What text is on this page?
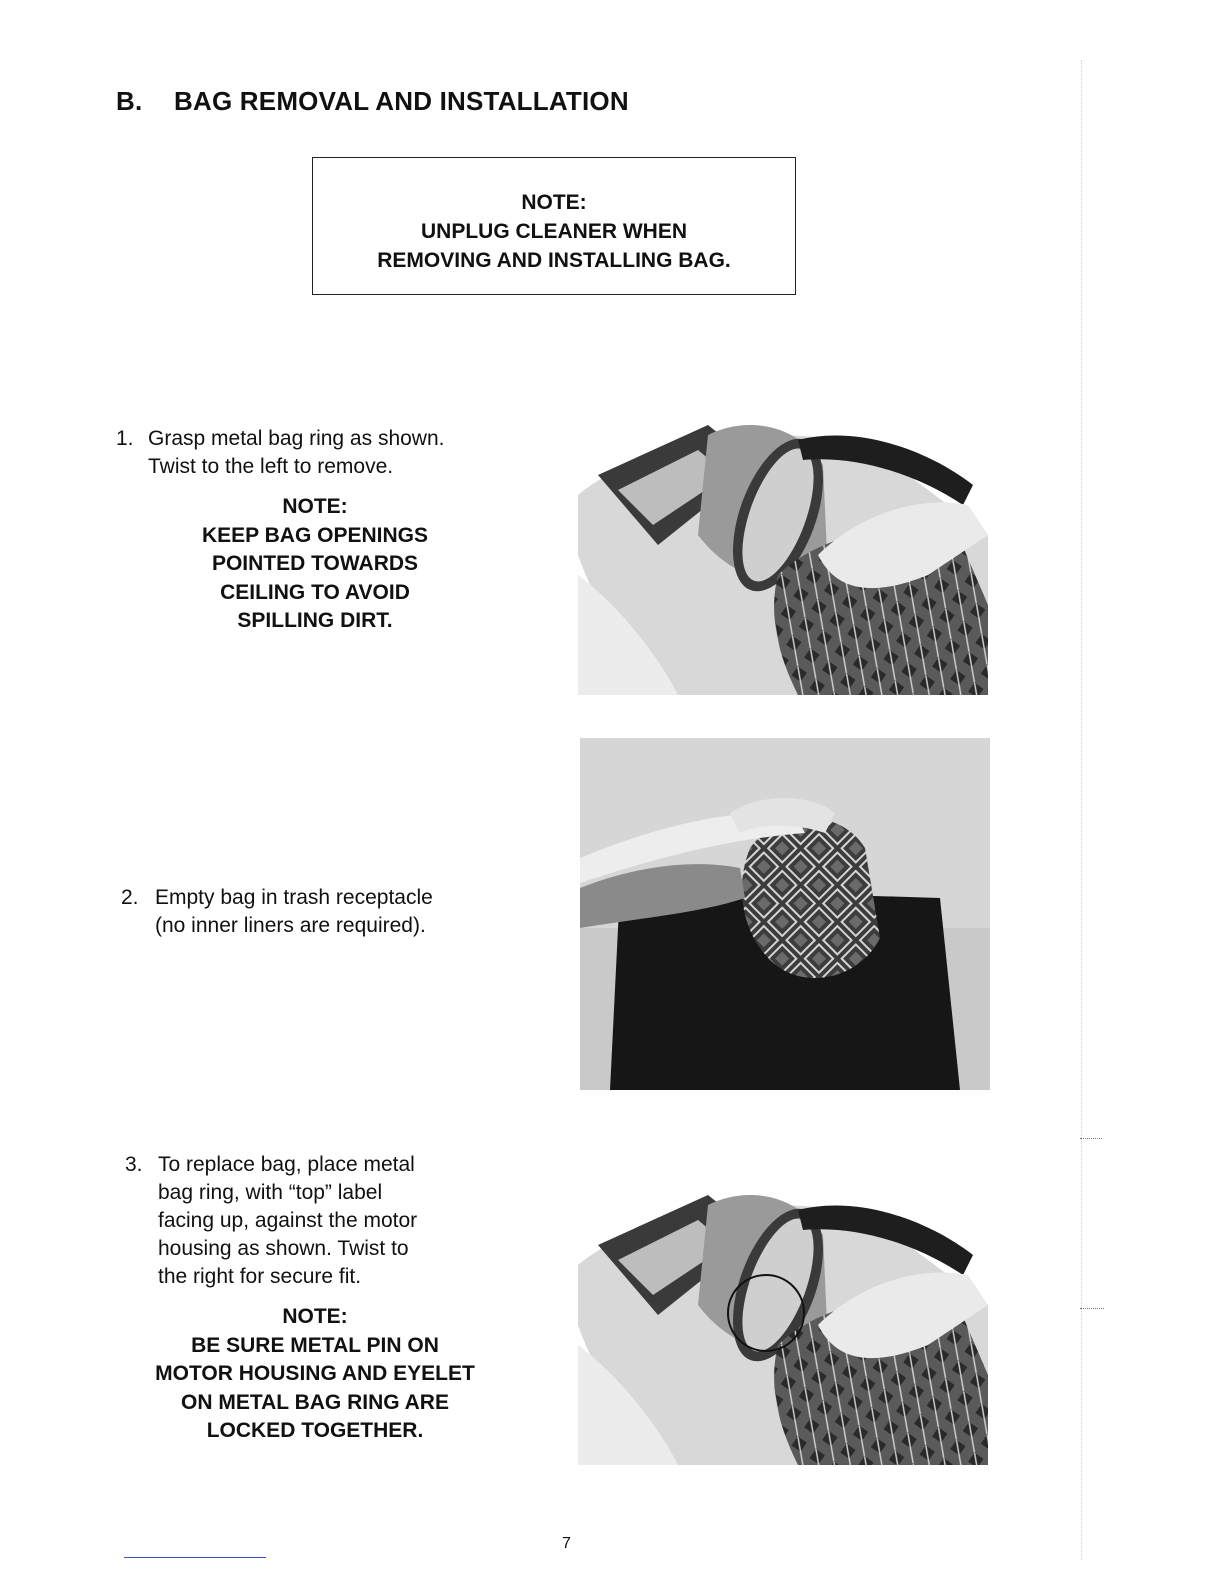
B. BAG REMOVAL AND INSTALLATION
NOTE:
UNPLUG CLEANER WHEN
REMOVING AND INSTALLING BAG.
1. Grasp metal bag ring as shown.
Twist to the left to remove.
NOTE:
KEEP BAG OPENINGS
POINTED TOWARDS
CEILING TO AVOID
SPILLING DIRT.
2. Empty bag in trash receptacle
(no inner liners are required).
3. To replace bag, place metal
bag ring, with “top” label
facing up, against the motor
housing as shown. Twist to
the right for secure fit.
NOTE:
BE SURE METAL PIN ON
MOTOR HOUSING AND EYELET
ON METAL BAG RING ARE
LOCKED TOGETHER.
7
